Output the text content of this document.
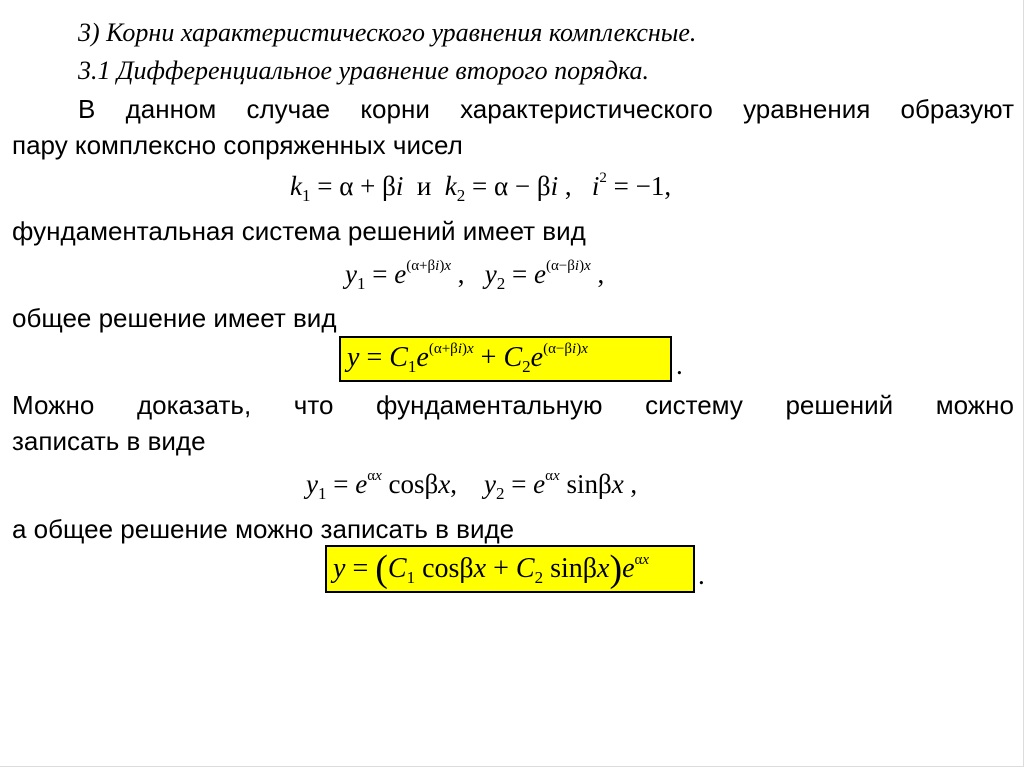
3) Корни характеристического уравнения комплексные.
3.1 Дифференциальное уравнение второго порядка.
В данном случае корни характеристического уравнения образуют
пару комплексно сопряженных чисел
$k_1 = \alpha + \beta i$ и $k_2 = \alpha - \beta i$ ,   $i^2 = -1$,
фундаментальная система решений имеет вид
$y_1 = e^{(\alpha+\beta i)x}$ ,   $y_2 = e^{(\alpha-\beta i)x}$ ,
общее решение имеет вид
$y = C_1e^{(\alpha+\beta i)x} + C_2e^{(\alpha-\beta i)x}$
.
Можно доказать, что фундаментальную систему решений можно
записать в виде
$y_1 = e^{\alpha x}$ cosβx,    $y_2 = e^{\alpha x}$ sinβx ,
а общее решение можно записать в виде
$y = (C_1$ $\cos\beta x + C_2$ $\sin\beta x)e^{\alpha x}$ .
